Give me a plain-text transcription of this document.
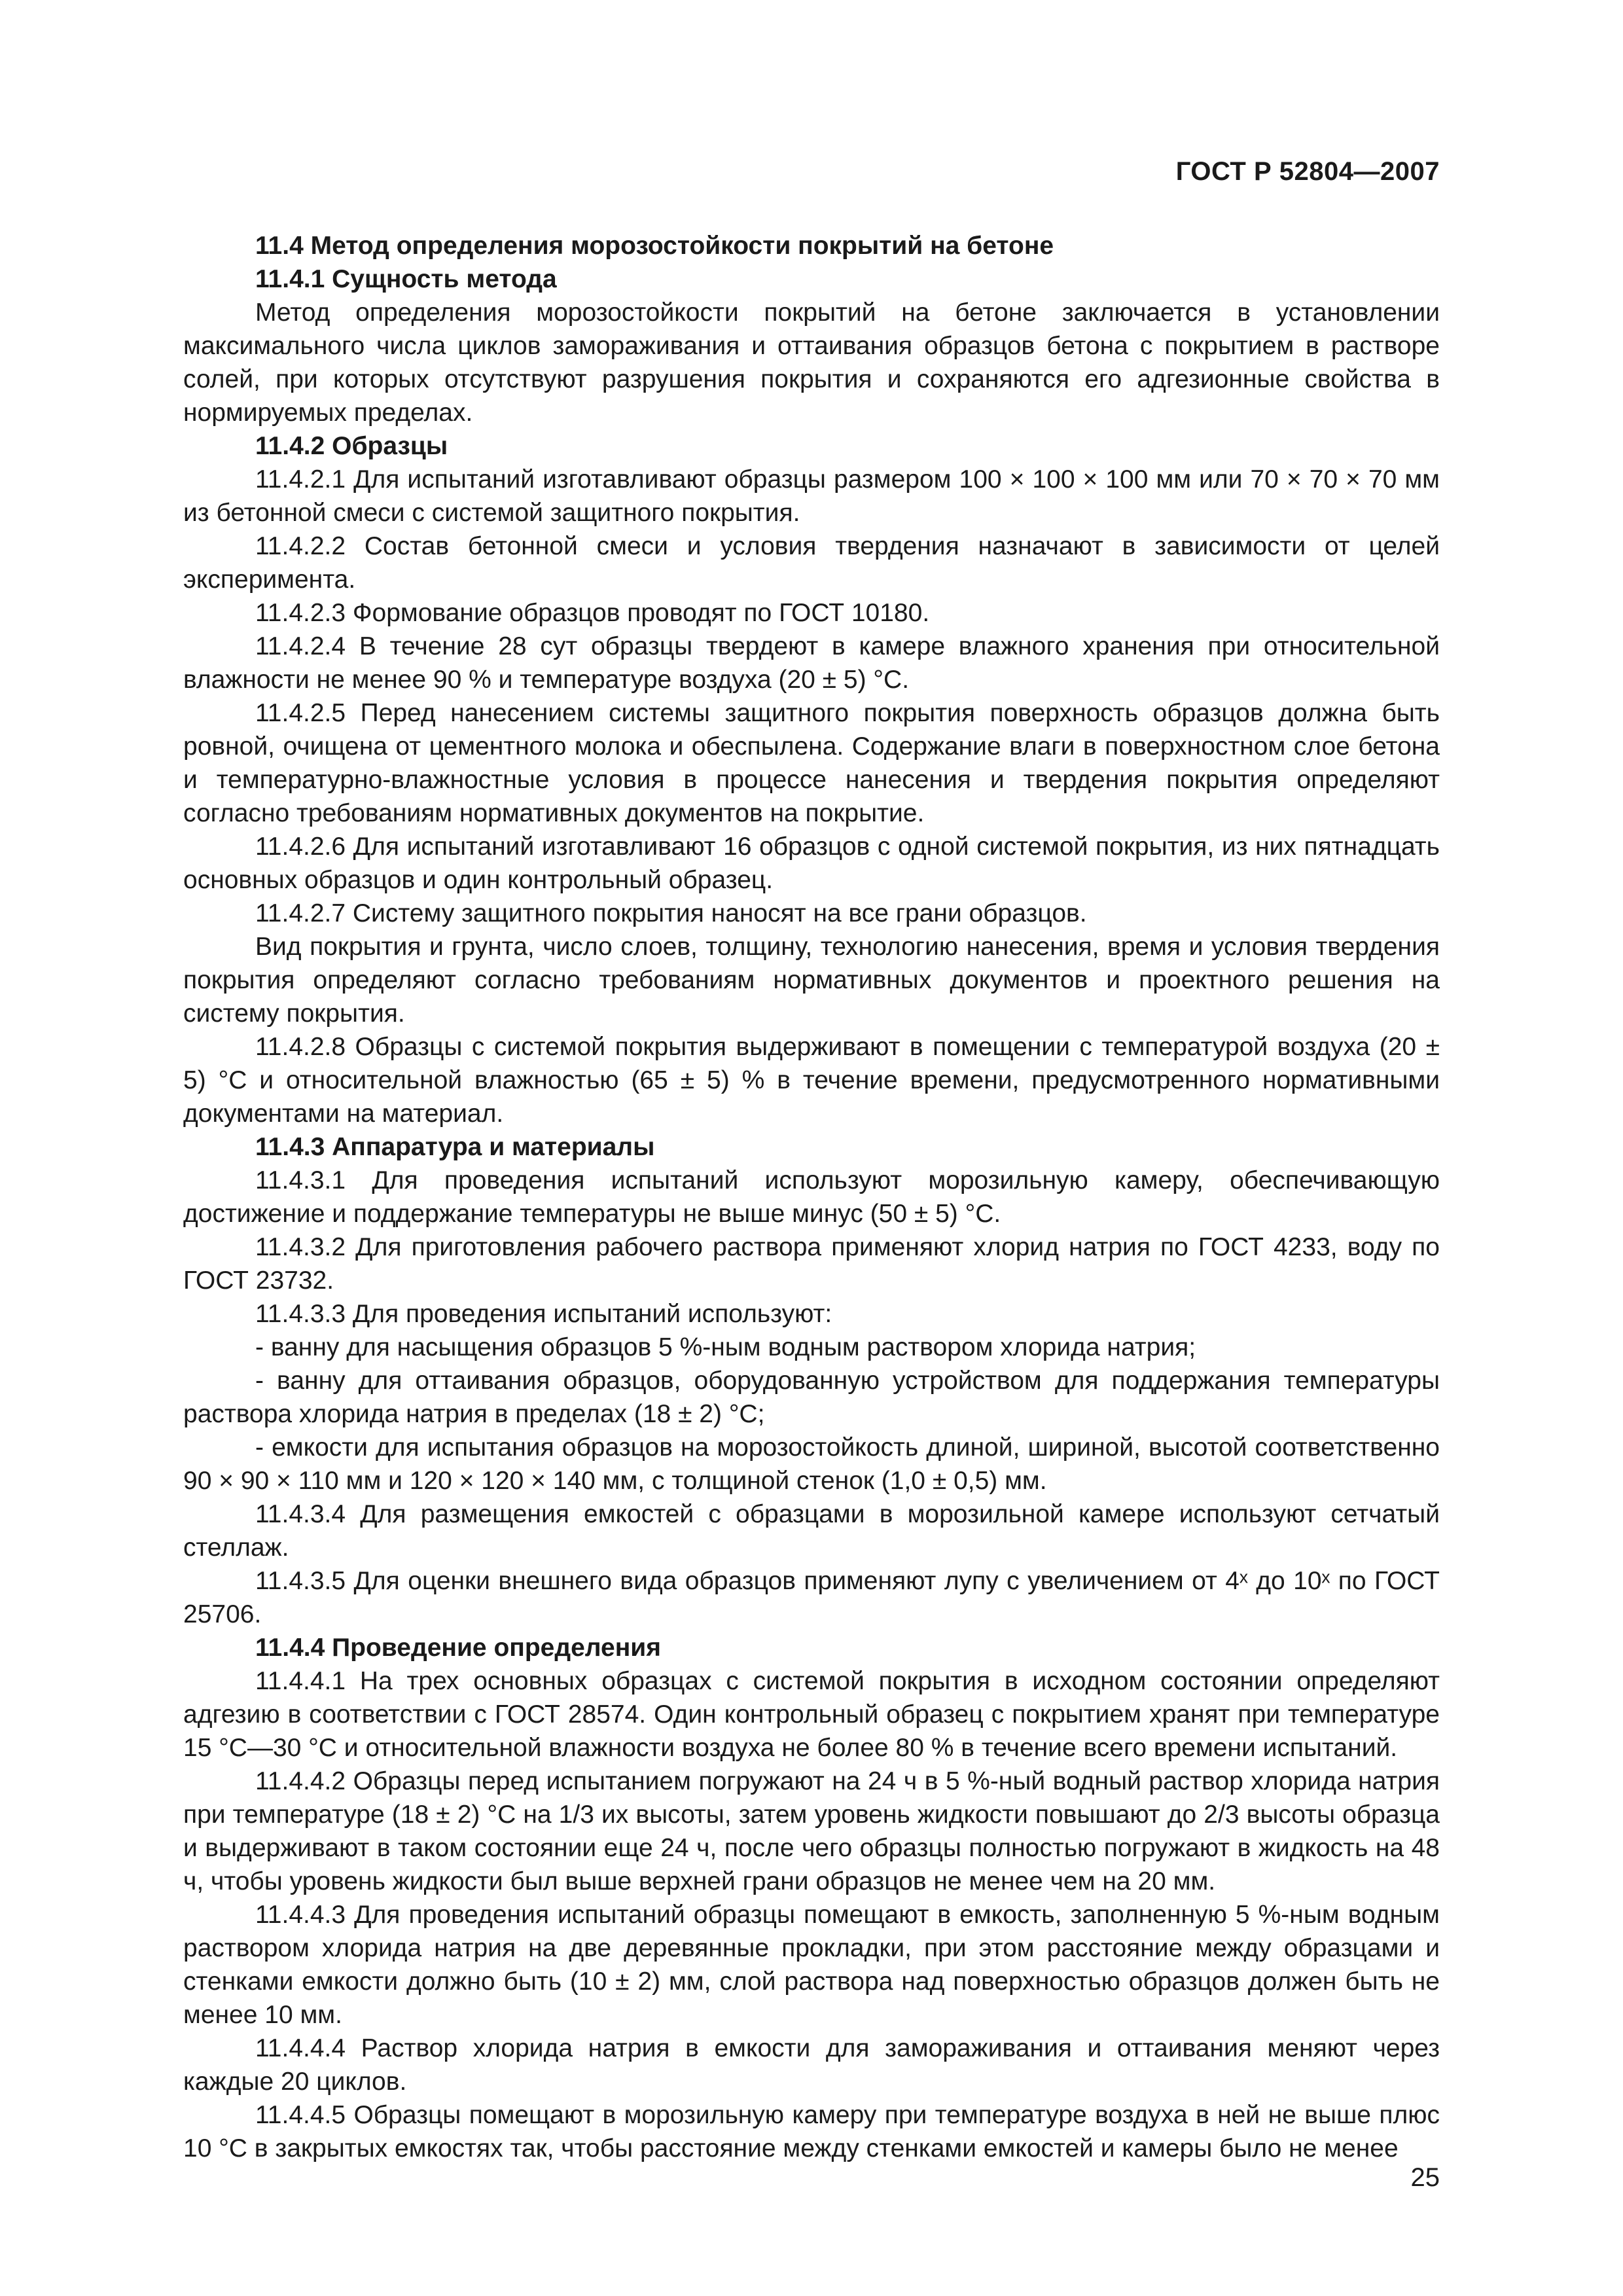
ГОСТ Р 52804—2007

11.4 Метод определения морозостойкости покрытий на бетоне

11.4.1 Сущность метода

Метод определения морозостойкости покрытий на бетоне заключается в установлении максимального числа циклов замораживания и оттаивания образцов бетона с покрытием в растворе солей, при которых отсутствуют разрушения покрытия и сохраняются его адгезионные свойства в нормируемых пределах.

11.4.2 Образцы

11.4.2.1 Для испытаний изготавливают образцы размером 100 × 100 × 100 мм или 70 × 70 × 70 мм из бетонной смеси с системой защитного покрытия.

11.4.2.2 Состав бетонной смеси и условия твердения назначают в зависимости от целей эксперимента.

11.4.2.3 Формование образцов проводят по ГОСТ 10180.

11.4.2.4 В течение 28 сут образцы твердеют в камере влажного хранения при относительной влажности не менее 90 % и температуре воздуха (20 ± 5) °С.

11.4.2.5 Перед нанесением системы защитного покрытия поверхность образцов должна быть ровной, очищена от цементного молока и обеспылена. Содержание влаги в поверхностном слое бетона и температурно-влажностные условия в процессе нанесения и твердения покрытия определяют согласно требованиям нормативных документов на покрытие.

11.4.2.6 Для испытаний изготавливают 16 образцов с одной системой покрытия, из них пятнадцать основных образцов и один контрольный образец.

11.4.2.7 Систему защитного покрытия наносят на все грани образцов.

Вид покрытия и грунта, число слоев, толщину, технологию нанесения, время и условия твердения покрытия определяют согласно требованиям нормативных документов и проектного решения на систему покрытия.

11.4.2.8 Образцы с системой покрытия выдерживают в помещении с температурой воздуха (20 ± 5) °С и относительной влажностью (65 ± 5) % в течение времени, предусмотренного нормативными документами на материал.

11.4.3 Аппаратура и материалы

11.4.3.1 Для проведения испытаний используют морозильную камеру, обеспечивающую достижение и поддержание температуры не выше минус (50 ± 5) °С.

11.4.3.2 Для приготовления рабочего раствора применяют хлорид натрия по ГОСТ 4233, воду по ГОСТ 23732.

11.4.3.3 Для проведения испытаний используют:

- ванну для насыщения образцов 5 %-ным водным раствором хлорида натрия;

- ванну для оттаивания образцов, оборудованную устройством для поддержания температуры раствора хлорида натрия в пределах (18 ± 2) °С;

- емкости для испытания образцов на морозостойкость длиной, шириной, высотой соответственно 90 × 90 × 110 мм и 120 × 120 × 140 мм, с толщиной стенок (1,0 ± 0,5) мм.

11.4.3.4 Для размещения емкостей с образцами в морозильной камере используют сетчатый стеллаж.

11.4.3.5 Для оценки внешнего вида образцов применяют лупу с увеличением от 4ˣ до 10ˣ по ГОСТ 25706.

11.4.4 Проведение определения

11.4.4.1 На трех основных образцах с системой покрытия в исходном состоянии определяют адгезию в соответствии с ГОСТ 28574. Один контрольный образец с покрытием хранят при температуре 15 °С—30 °С и относительной влажности воздуха не более 80 % в течение всего времени испытаний.

11.4.4.2 Образцы перед испытанием погружают на 24 ч в 5 %-ный водный раствор хлорида натрия при температуре (18 ± 2) °С на 1/3 их высоты, затем уровень жидкости повышают до 2/3 высоты образца и выдерживают в таком состоянии еще 24 ч, после чего образцы полностью погружают в жидкость на 48 ч, чтобы уровень жидкости был выше верхней грани образцов не менее чем на 20 мм.

11.4.4.3 Для проведения испытаний образцы помещают в емкость, заполненную 5 %-ным водным раствором хлорида натрия на две деревянные прокладки, при этом расстояние между образцами и стенками емкости должно быть (10 ± 2) мм, слой раствора над поверхностью образцов должен быть не менее 10 мм.

11.4.4.4 Раствор хлорида натрия в емкости для замораживания и оттаивания меняют через каждые 20 циклов.

11.4.4.5 Образцы помещают в морозильную камеру при температуре воздуха в ней не выше плюс 10 °С в закрытых емкостях так, чтобы расстояние между стенками емкостей и камеры было не менее

25
